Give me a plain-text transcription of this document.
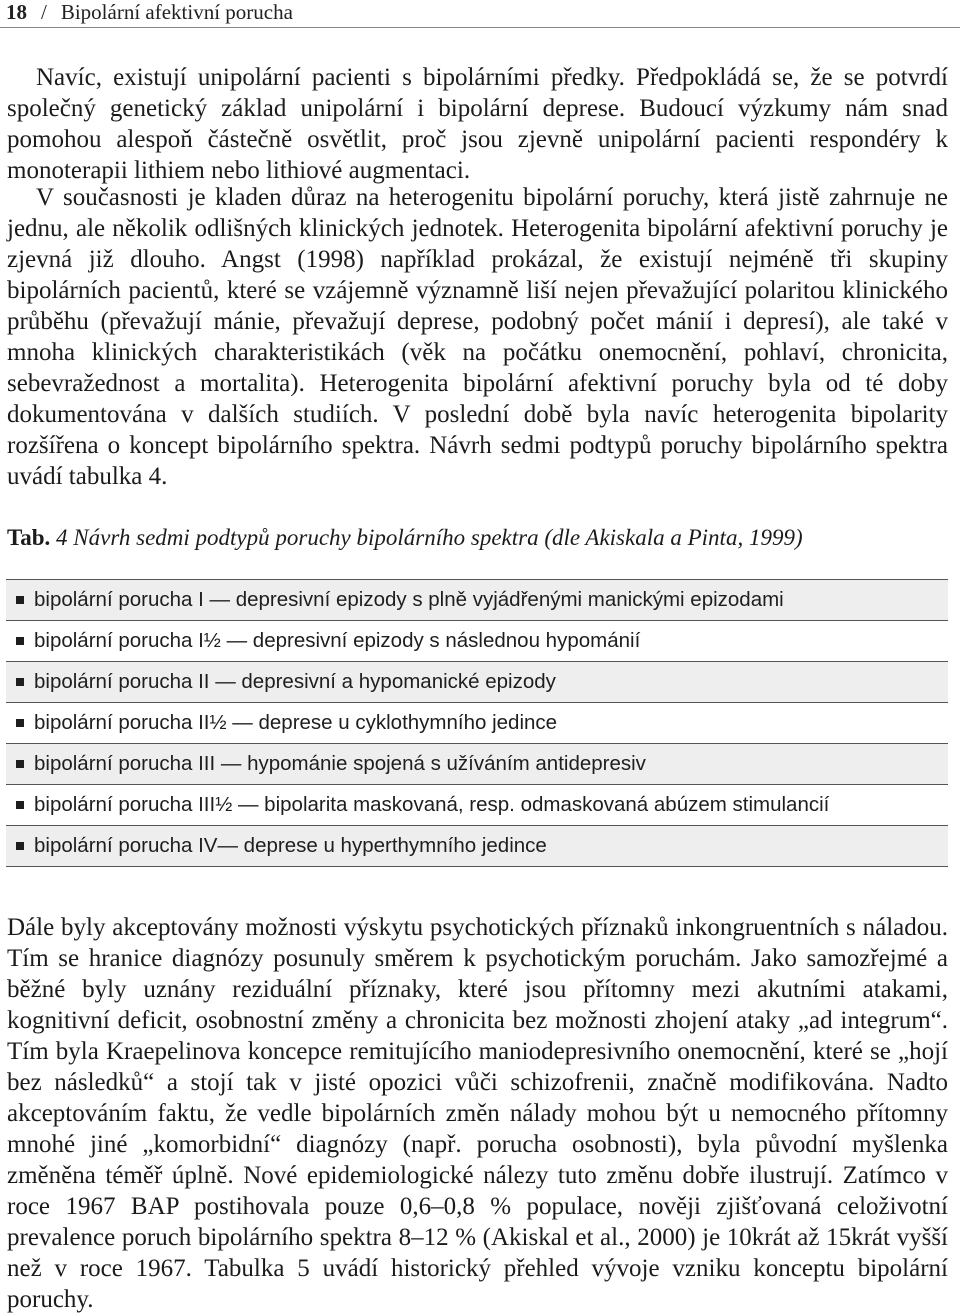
18 / Bipolární afektivní porucha

Navíc, existují unipolární pacienti s bipolárními předky. Předpokládá se, že se potvrdí společný genetický základ unipolární i bipolární deprese. Budoucí výzkumy nám snad pomohou alespoň částečně osvětlit, proč jsou zjevně unipolární pacienti respondéry k monoterapii lithiem nebo lithiové augmentaci.

V současnosti je kladen důraz na heterogenitu bipolární poruchy, která jistě zahrnuje ne jednu, ale několik odlišných klinických jednotek. Heterogenita bipolární afektivní poruchy je zjevná již dlouho. Angst (1998) například prokázal, že existují nejméně tři skupiny bipolárních pacientů, které se vzájemně významně liší nejen převažující polaritou klinického průběhu (převažují mánie, převažují deprese, podobný počet mánií i depresí), ale také v mnoha klinických charakteristikách (věk na počátku onemocnění, pohlaví, chronicita, sebevražednost a mortalita). Heterogenita bipolární afektivní poruchy byla od té doby dokumentována v dalších studiích. V poslední době byla navíc heterogenita bipolarity rozšířena o koncept bipolárního spektra. Návrh sedmi podtypů poruchy bipolárního spektra uvádí tabulka 4.

Tab. 4 Návrh sedmi podtypů poruchy bipolárního spektra (dle Akiskala a Pinta, 1999)

bipolární porucha I — depresivní epizody s plně vyjádřenými manickými epizodami
bipolární porucha I½ — depresivní epizody s následnou hypománií
bipolární porucha II — depresivní a hypomanické epizody
bipolární porucha II½ — deprese u cyklothymního jedince
bipolární porucha III — hypománie spojená s užíváním antidepresiv
bipolární porucha III½ — bipolarita maskovaná, resp. odmaskovaná abúzem stimulancií
bipolární porucha IV— deprese u hyperthymního jedince

Dále byly akceptovány možnosti výskytu psychotických příznaků inkongruentních s náladou. Tím se hranice diagnózy posunuly směrem k psychotickým poruchám. Jako samozřejmé a běžné byly uznány reziduální příznaky, které jsou přítomny mezi akutními atakami, kognitivní deficit, osobnostní změny a chronicita bez možnosti zhojení ataky „ad integrum“. Tím byla Kraepelinova koncepce remitujícího maniodepresivního onemocnění, které se „hojí bez následků“ a stojí tak v jisté opozici vůči schizofrenii, značně modifikována. Nadto akceptováním faktu, že vedle bipolárních změn nálady mohou být u nemocného přítomny mnohé jiné „komorbidní“ diagnózy (např. porucha osobnosti), byla původní myšlenka změněna téměř úplně. Nové epidemiologické nálezy tuto změnu dobře ilustrují. Zatímco v roce 1967 BAP postihovala pouze 0,6–0,8 % populace, nověji zjišťovaná celoživotní prevalence poruch bipolárního spektra 8–12 % (Akiskal et al., 2000) je 10krát až 15krát vyšší než v roce 1967. Tabulka 5 uvádí historický přehled vývoje vzniku konceptu bipolární poruchy.
